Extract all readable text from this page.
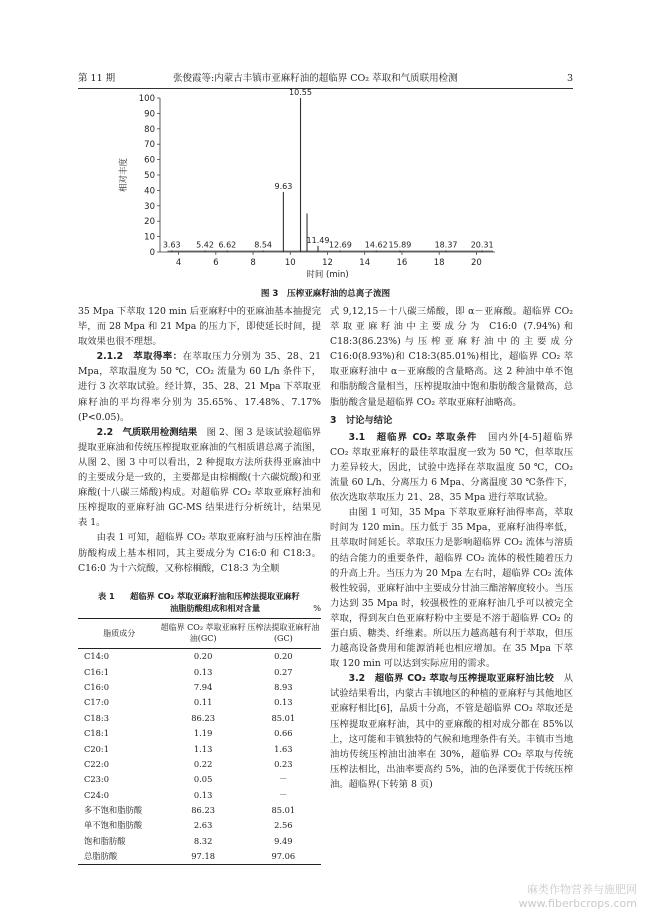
第 11 期	张俊霞等:内蒙古丰镇市亚麻籽油的超临界 CO₂ 萃取和气质联用检测	3
0
10
20
30
40
50
60
70
80
90
100
4	6	8	10	12	14	16	18	20
时间 (min)
相对丰度
3.63 5.42 6.62 8.54
9.63
10.55
11.49
12.69 14.62 15.89	18.37 20.31
图 3　压榨亚麻籽油的总离子流图

35 Mpa 下萃取 120 min 后亚麻籽中的亚麻油基本抽提完毕，而 28 Mpa 和 21 Mpa 的压力下，即使延长时间，提取效果也很不理想。

2.1.2　萃取得率：在萃取压力分别为 35、28、21 Mpa，萃取温度为 50 ℃，CO₂ 流量为 60 L/h 条件下，进行 3 次萃取试验。经计算，35、28、21 Mpa 下萃取亚麻籽油的平均得率分别为 35.65%、17.48%、7.17%(P<0.05)。

2.2　气质联用检测结果　 图 2、图 3 是该试验超临界提取亚麻油和传统压榨提取亚麻油的气相质谱总离子流图，从图 2、图 3 中可以看出，2 种提取方法所获得亚麻油中的主要成分是一致的，主要都是由棕榈酸(十六碳烷酸)和亚麻酸(十八碳三烯酸)构成。对超临界 CO₂ 萃取亚麻籽油和压榨提取的亚麻籽油 GC-MS 结果进行分析统计，结果见表 1。

由表 1 可知，超临界 CO₂ 萃取亚麻籽油与压榨油在脂肪酸构成上基本相同，其主要成分为 C16:0 和 C18:3。C16:0 为十六烷酸，又称棕榈酸，C18:3 为全顺

表 1 超临界 CO₂ 萃取亚麻籽油和压榨法提取亚麻籽油脂肪酸组成和相对含量	%
脂质成分	超临界 CO₂ 萃取亚麻籽油(GC)	压榨法提取亚麻籽油(GC)
C14:0	0.20	0.20
C16:1	0.13	0.27
C16:0	7.94	8.93
C17:0	0.11	0.13
C18:3	86.23	85.01
C18:1	1.19	0.66
C20:1	1.13	1.63
C22:0	0.22	0.23
C23:0	0.05	－
C24:0	0.13	－
多不饱和脂肪酸	86.23	85.01
单不饱和脂肪酸	2.63	2.56
饱和脂肪酸	8.32	9.49
总脂肪酸	97.18	97.06

式 9,12,15－十八碳三烯酸，即 α－亚麻酸。超临界 CO₂ 萃取亚麻籽油中主要成分为 C16:0 (7.94%)和 C18:3(86.23%)与压榨亚麻籽油中的主要成分 C16:0(8.93%)和 C18:3(85.01%)相比，超临界 CO₂ 萃取亚麻籽油中 α－亚麻酸的含量略高。这 2 种油中单不饱和脂肪酸含量相当，压榨提取油中饱和脂肪酸含量微高，总脂肪酸含量是超临界 CO₂ 萃取亚麻籽油略高。

3　讨论与结论

3.1　超临界 CO₂ 萃取条件　 国内外[4-5]超临界 CO₂ 萃取亚麻籽的最佳萃取温度一致为 50 ℃，但萃取压力差异较大，因此，试验中选择在萃取温度 50 ℃，CO₂ 流量 60 L/h、分离压力 6 Mpa、分离温度 30 ℃条件下，依次选取萃取压力 21、28、35 Mpa 进行萃取试验。

由图 1 可知，35 Mpa 下萃取亚麻籽油得率高，萃取时间为 120 min。压力低于 35 Mpa，亚麻籽油得率低，且萃取时间延长。萃取压力是影响超临界 CO₂ 流体与溶质的结合能力的重要条件，超临界 CO₂ 流体的极性随着压力的升高上升。当压力为 20 Mpa 左右时，超临界 CO₂ 流体极性较弱，亚麻籽油中主要成分甘油三酯溶解度较小。当压力达到 35 Mpa 时，较强极性的亚麻籽油几乎可以被完全萃取，得到灰白色亚麻籽粉中主要是不溶于超临界 CO₂ 的蛋白质、糖类、纤维素。所以压力越高越有利于萃取，但压力越高设备费用和能源消耗也相应增加。在 35 Mpa 下萃取 120 min 可以达到实际应用的需求。

3.2　超临界 CO₂ 萃取与压榨提取亚麻籽油比较　 从试验结果看出，内蒙古丰镇地区的种植的亚麻籽与其他地区亚麻籽相比[6]，品质十分高，不管是超临界 CO₂ 萃取还是压榨提取亚麻籽油，其中的亚麻酸的相对成分都在 85%以上，这可能和丰镇独特的气候和地理条件有关。丰镇市当地油坊传统压榨油出油率在 30%，超临界 CO₂ 萃取与传统压榨法相比，出油率要高约 5%，油的色泽要优于传统压榨油。超临界(下转第 8 页)

麻类作物营养与施肥网
www.fiberbcrops.com
